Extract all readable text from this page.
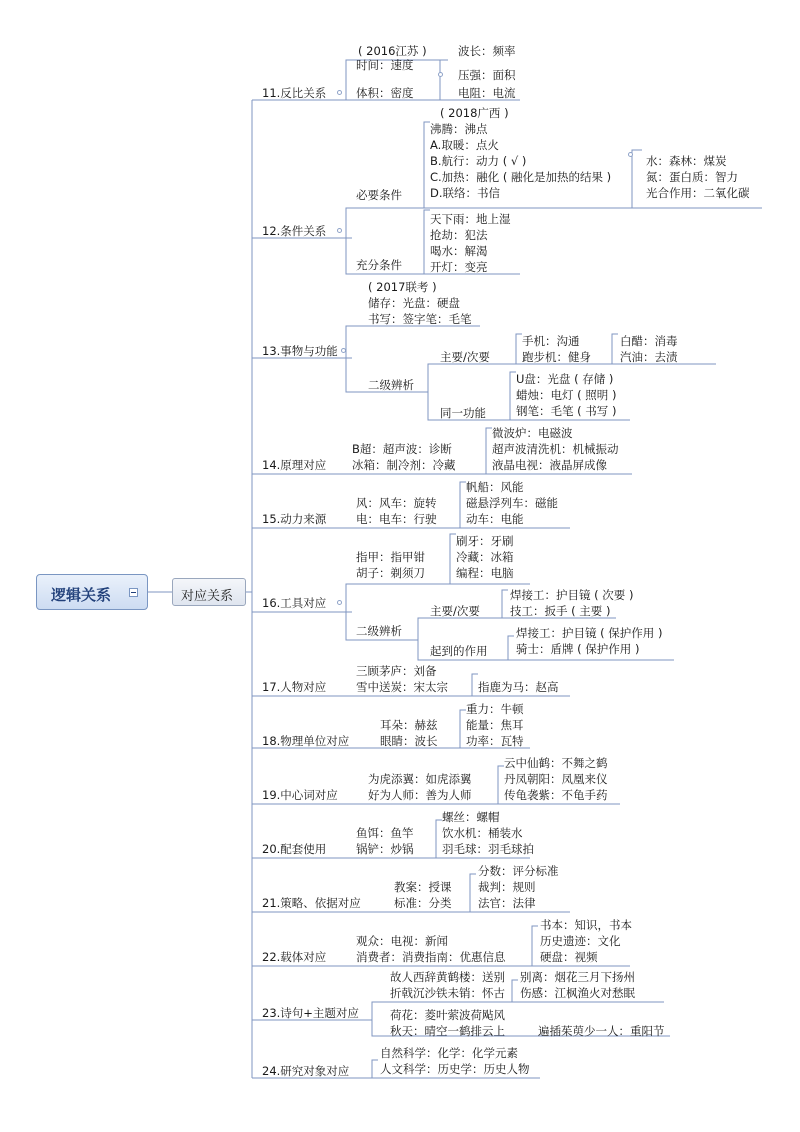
逻辑关系	对应关系
11.反比关系
( 2016江苏 )
时间：速度
体积：密度
波长：频率
压强：面积
电阻：电流
12.条件关系
必要条件
充分条件
( 2018广西 )
沸腾：沸点
A.取暖：点火
B.航行：动力 ( √ )
C.加热：融化 ( 融化是加热的结果 )
D.联络：书信
水：森林：煤炭
氮：蛋白质：智力
光合作用：二氧化碳
天下雨：地上湿
抢劫：犯法
喝水：解渴
开灯：变亮
13.事物与功能
( 2017联考 )
储存：光盘：硬盘
书写：签字笔：毛笔
二级辨析
主要/次要
手机：沟通
跑步机：健身
白醋：消毒
汽油：去渍
同一功能
U盘：光盘 ( 存储 )
蜡烛：电灯 ( 照明 )
钢笔：毛笔 ( 书写 )
14.原理对应
B超：超声波：诊断
冰箱：制冷剂：冷藏
微波炉：电磁波
超声波清洗机：机械振动
液晶电视：液晶屏成像
15.动力来源
风：风车：旋转
电：电车：行驶
帆船：风能
磁悬浮列车：磁能
动车：电能
16.工具对应
指甲：指甲钳
胡子：剃须刀
刷牙：牙刷
冷藏：冰箱
编程：电脑
二级辨析
主要/次要
焊接工：护目镜 ( 次要 )
技工：扳手 ( 主要 )
起到的作用
焊接工：护目镜 ( 保护作用 )
骑士：盾牌 ( 保护作用 )
17.人物对应
三顾茅庐：刘备
雪中送炭：宋太宗	指鹿为马：赵高
18.物理单位对应
耳朵：赫兹
眼睛：波长
重力：牛顿
能量：焦耳
功率：瓦特
19.中心词对应
为虎添翼：如虎添翼
好为人师：善为人师
云中仙鹤：不舞之鹤
丹凤朝阳：凤凰来仪
传龟袭紫：不龟手药
20.配套使用
鱼饵：鱼竿
锅铲：炒锅
螺丝：螺帽
饮水机：桶装水
羽毛球：羽毛球拍
21.策略、依据对应
教案：授课
标准：分类
分数：评分标准
裁判：规则
法官：法律
22.载体对应
观众：电视：新闻
消费者：消费指南：优惠信息
书本：知识，书本
历史遗迹：文化
硬盘：视频
23.诗句+主题对应
故人西辞黄鹤楼：送别
折戟沉沙铁未销：怀古
别离：烟花三月下扬州
伤感：江枫渔火对愁眠
荷花：菱叶萦波荷飐风
秋天：晴空一鹤排云上	遍插茱萸少一人：重阳节
24.研究对象对应
自然科学：化学：化学元素
人文科学：历史学：历史人物
